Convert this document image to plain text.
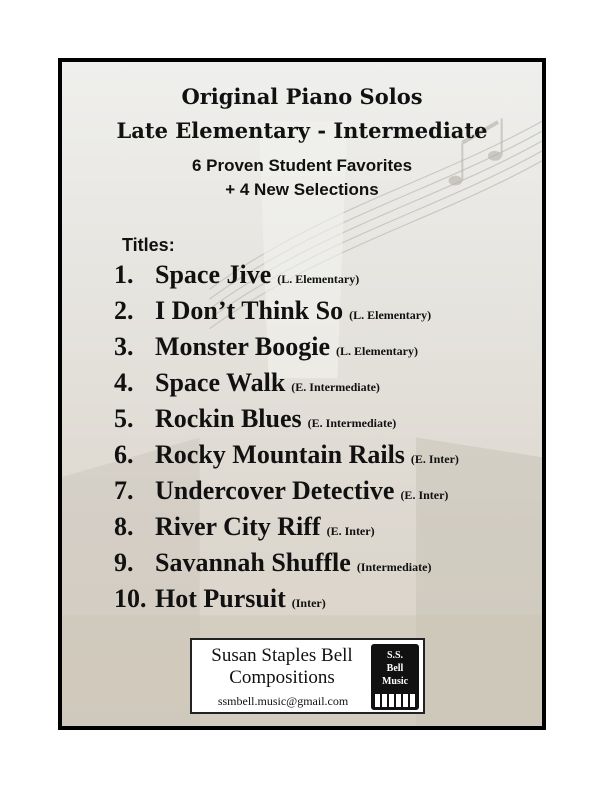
Original Piano Solos
Late Elementary - Intermediate
6 Proven Student Favorites
+ 4 New Selections
Titles:
1. Space Jive (L. Elementary)
2. I Don’t Think So (L. Elementary)
3. Monster Boogie (L. Elementary)
4. Space Walk (E. Intermediate)
5. Rockin Blues (E. Intermediate)
6. Rocky Mountain Rails (E. Inter)
7. Undercover Detective (E. Inter)
8. River City Riff (E. Inter)
9. Savannah Shuffle (Intermediate)
10. Hot Pursuit (Inter)
Susan Staples Bell
Compositions
ssmbell.music@gmail.com
S.S.
Bell
Music
